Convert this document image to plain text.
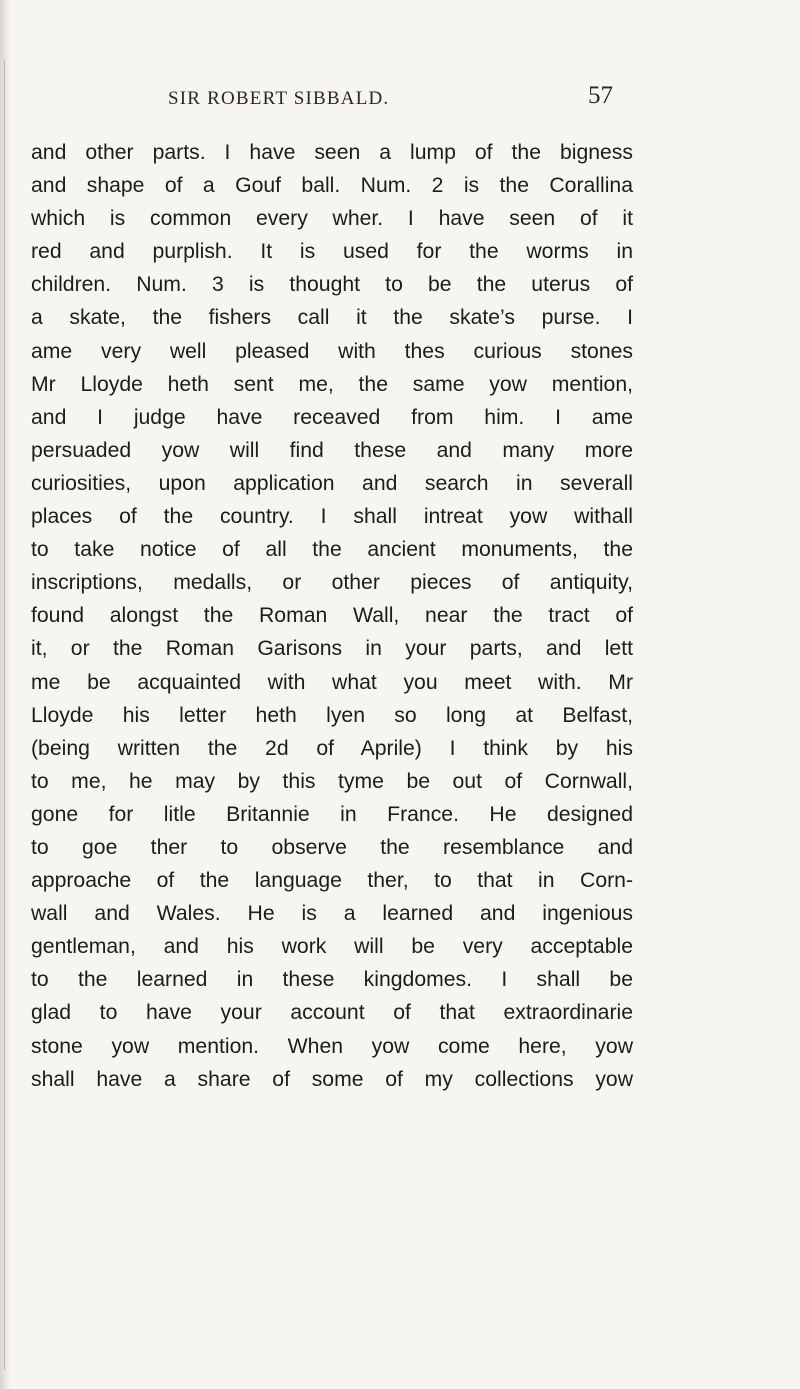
SIR ROBERT SIBBALD.	57
and other parts. I have seen a lump of the bigness
and shape of a Gouf ball. Num. 2 is the Corallina
which is common every wher. I have seen of it
red and purplish. It is used for the worms in
children. Num. 3 is thought to be the uterus of
a skate, the fishers call it the skate’s purse. I
ame very well pleased with thes curious stones
Mr Lloyde heth sent me, the same yow mention,
and I judge have receaved from him. I ame
persuaded yow will find these and many more
curiosities, upon application and search in severall
places of the country. I shall intreat yow withall
to take notice of all the ancient monuments, the
inscriptions, medalls, or other pieces of antiquity,
found alongst the Roman Wall, near the tract of
it, or the Roman Garisons in your parts, and lett
me be acquainted with what you meet with. Mr
Lloyde his letter heth lyen so long at Belfast,
(being written the 2d of Aprile) I think by his
to me, he may by this tyme be out of Cornwall,
gone for litle Britannie in France. He designed
to goe ther to observe the resemblance and
approache of the language ther, to that in Corn-
wall and Wales. He is a learned and ingenious
gentleman, and his work will be very acceptable
to the learned in these kingdomes. I shall be
glad to have your account of that extraordinarie
stone yow mention. When yow come here, yow
shall have a share of some of my collections yow
